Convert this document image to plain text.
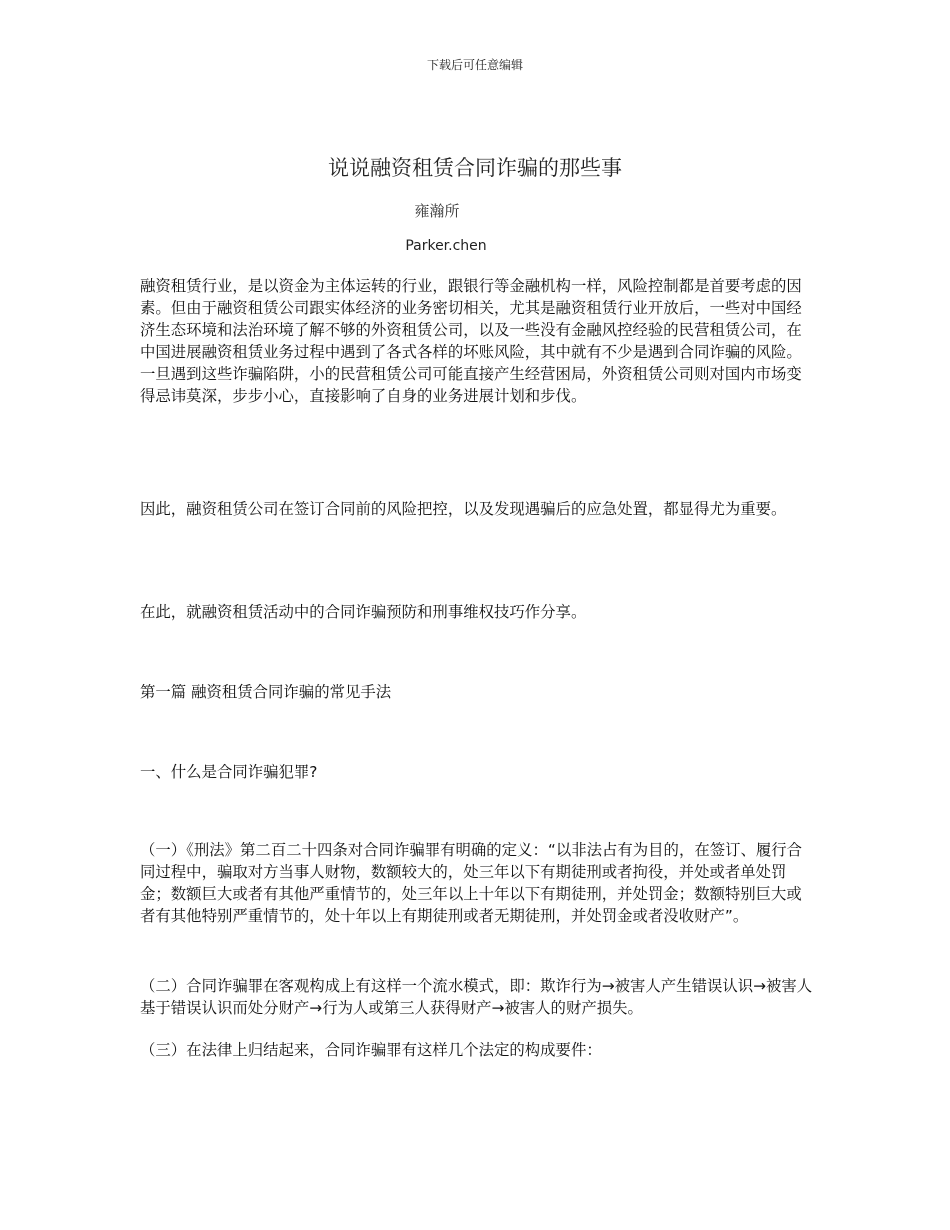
下载后可任意编辑
说说融资租赁合同诈骗的那些事
雍瀚所
Parker.chen

融资租赁行业，是以资金为主体运转的行业，跟银行等金融机构一样，风险控制都是首要考虑的因素。但由于融资租赁公司跟实体经济的业务密切相关，尤其是融资租赁行业开放后，一些对中国经济生态环境和法治环境了解不够的外资租赁公司，以及一些没有金融风控经验的民营租赁公司，在中国进展融资租赁业务过程中遇到了各式各样的坏账风险，其中就有不少是遇到合同诈骗的风险。一旦遇到这些诈骗陷阱，小的民营租赁公司可能直接产生经营困局，外资租赁公司则对国内市场变得忌讳莫深，步步小心，直接影响了自身的业务进展计划和步伐。

因此，融资租赁公司在签订合同前的风险把控，以及发现遇骗后的应急处置，都显得尤为重要。

在此，就融资租赁活动中的合同诈骗预防和刑事维权技巧作分享。

第一篇 融资租赁合同诈骗的常见手法

一、什么是合同诈骗犯罪?

（一）《刑法》第二百二十四条对合同诈骗罪有明确的定义：“以非法占有为目的，在签订、履行合同过程中，骗取对方当事人财物，数额较大的，处三年以下有期徒刑或者拘役，并处或者单处罚金；数额巨大或者有其他严重情节的，处三年以上十年以下有期徒刑，并处罚金；数额特别巨大或者有其他特别严重情节的，处十年以上有期徒刑或者无期徒刑，并处罚金或者没收财产”。

（二）合同诈骗罪在客观构成上有这样一个流水模式，即：欺诈行为→被害人产生错误认识→被害人基于错误认识而处分财产→行为人或第三人获得财产→被害人的财产损失。

（三）在法律上归结起来，合同诈骗罪有这样几个法定的构成要件：
